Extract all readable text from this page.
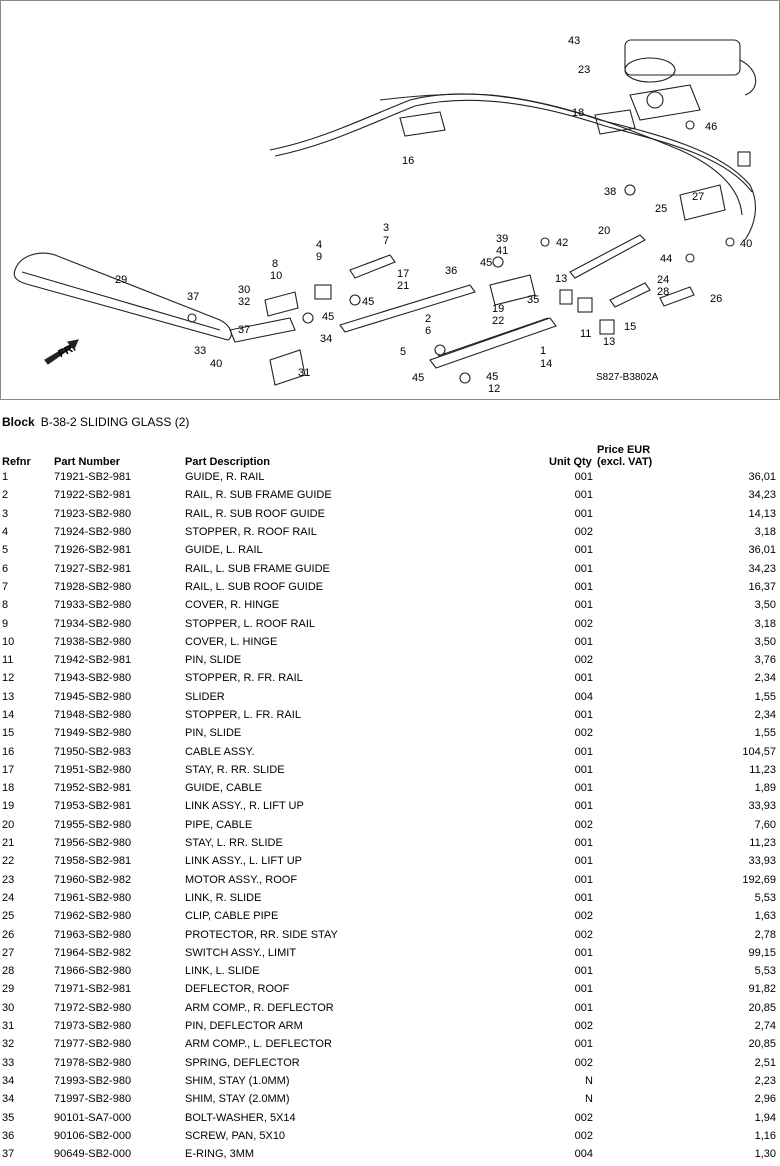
43
23
18
46
16
38	27
25
20
42	40
39
41
45	44
3
7
4
9
17
21
36
8
10
45
13	24
28
26
29
37
30
32
2
6
35
19
22
11
15
13
37
45
34
33
40
31
1
5
45	45
12
14
FR.
S827-B3802A

Block B-38-2 SLIDING GLASS (2)
Refnr	Part Number	Part Description	Unit Qty	Price EUR
(excl. VAT)
1	71921-SB2-981	GUIDE, R. RAIL	001	36,01
2	71922-SB2-981	RAIL, R. SUB FRAME GUIDE	001	34,23
3	71923-SB2-980	RAIL, R. SUB ROOF GUIDE	001	14,13
4	71924-SB2-980	STOPPER, R. ROOF RAIL	002	3,18
5	71926-SB2-981	GUIDE, L. RAIL	001	36,01
6	71927-SB2-981	RAIL, L. SUB FRAME GUIDE	001	34,23
7	71928-SB2-980	RAIL, L. SUB ROOF GUIDE	001	16,37
8	71933-SB2-980	COVER, R. HINGE	001	3,50
9	71934-SB2-980	STOPPER, L. ROOF RAIL	002	3,18
10	71938-SB2-980	COVER, L. HINGE	001	3,50
11	71942-SB2-981	PIN, SLIDE	002	3,76
12	71943-SB2-980	STOPPER, R. FR. RAIL	001	2,34
13	71945-SB2-980	SLIDER	004	1,55
14	71948-SB2-980	STOPPER, L. FR. RAIL	001	2,34
15	71949-SB2-980	PIN, SLIDE	002	1,55
16	71950-SB2-983	CABLE ASSY.	001	104,57
17	71951-SB2-980	STAY, R. RR. SLIDE	001	11,23
18	71952-SB2-981	GUIDE, CABLE	001	1,89
19	71953-SB2-981	LINK ASSY., R. LIFT UP	001	33,93
20	71955-SB2-980	PIPE, CABLE	002	7,60
21	71956-SB2-980	STAY, L. RR. SLIDE	001	11,23
22	71958-SB2-981	LINK ASSY., L. LIFT UP	001	33,93
23	71960-SB2-982	MOTOR ASSY., ROOF	001	192,69
24	71961-SB2-980	LINK, R. SLIDE	001	5,53
25	71962-SB2-980	CLIP, CABLE PIPE	002	1,63
26	71963-SB2-980	PROTECTOR, RR. SIDE STAY	002	2,78
27	71964-SB2-982	SWITCH ASSY., LIMIT	001	99,15
28	71966-SB2-980	LINK, L. SLIDE	001	5,53
29	71971-SB2-981	DEFLECTOR, ROOF	001	91,82
30	71972-SB2-980	ARM COMP., R. DEFLECTOR	001	20,85
31	71973-SB2-980	PIN, DEFLECTOR ARM	002	2,74
32	71977-SB2-980	ARM COMP., L. DEFLECTOR	001	20,85
33	71978-SB2-980	SPRING, DEFLECTOR	002	2,51
34	71993-SB2-980	SHIM, STAY (1.0MM)	N	2,23
34	71997-SB2-980	SHIM, STAY (2.0MM)	N	2,96
35	90101-SA7-000	BOLT-WASHER, 5X14	002	1,94
36	90106-SB2-000	SCREW, PAN, 5X10	002	1,16
37	90649-SB2-000	E-RING, 3MM	004	1,30
